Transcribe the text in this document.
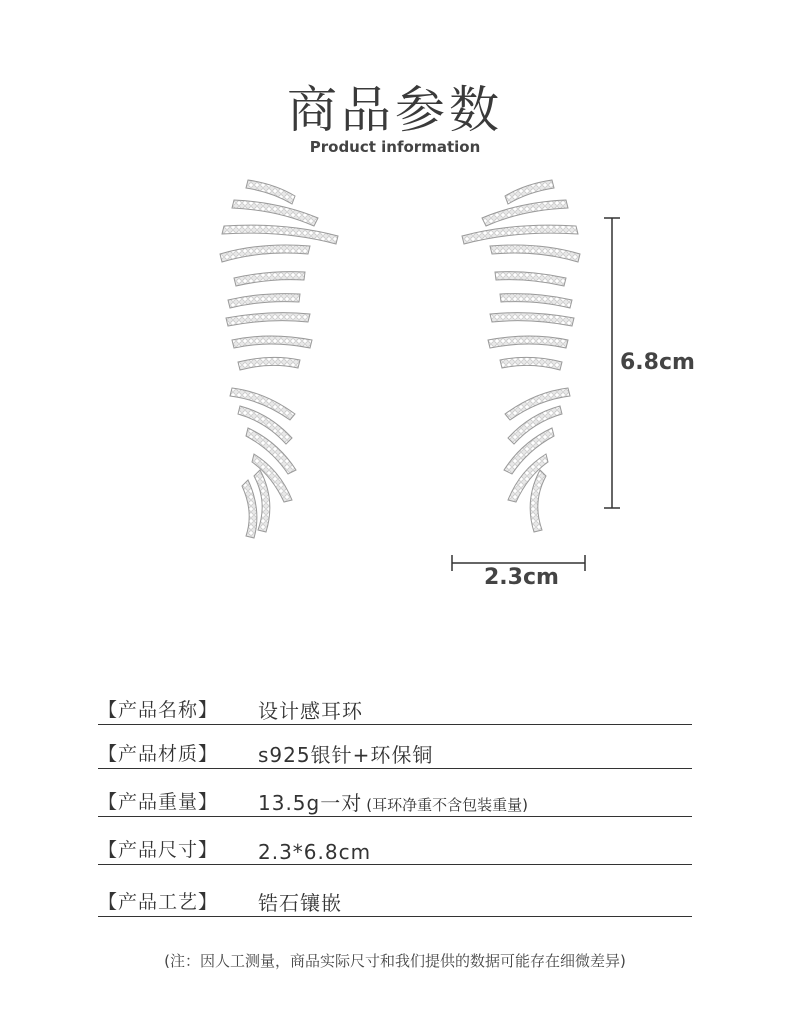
商品参数
Product information
6.8cm
2.3cm
【产品名称】 设计感耳环
【产品材质】 s925银针+环保铜
【产品重量】 13.5g一对 (耳环净重不含包装重量)
【产品尺寸】 2.3*6.8cm
【产品工艺】 锆石镶嵌
(注：因人工测量，商品实际尺寸和我们提供的数据可能存在细微差异)
